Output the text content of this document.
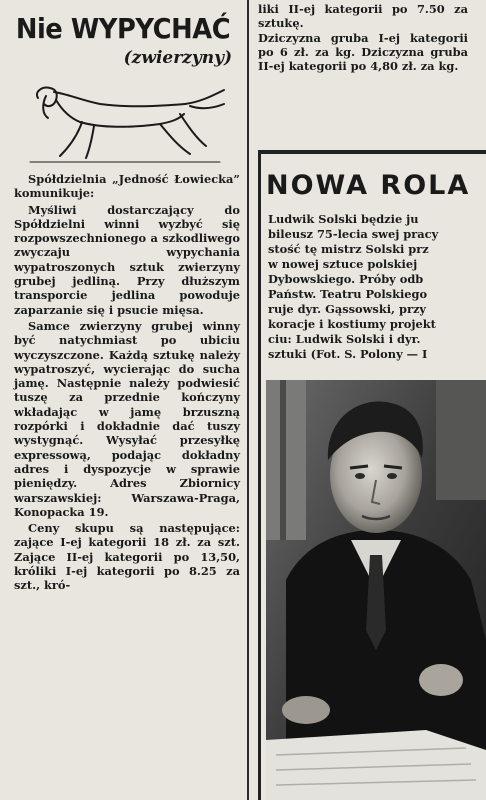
Nie WYPYCHAĆ
(zwierzyny)

Spółdzielnia „Jedność Łowiecka” komunikuje:

Myśliwi dostarczający do Spółdzielni winni wyzbyć się rozpowszechnionego a szkodliwego zwyczaju wypychania wypatroszonych sztuk zwierzyny grubej jedliną. Przy dłuższym transporcie jedlina powoduje zaparzanie się i psucie mięsa.

Samce zwierzyny grubej winny być natychmiast po ubiciu wyczyszczone. Każdą sztukę należy wypatroszyć, wycierając do sucha jamę. Następnie należy podwiesić tuszę za przednie kończyny wkładając w jamę brzuszną rozpórki i dokładnie dać tuszy wystygnąć. Wysyłać przesyłkę expressową, podając dokładny adres i dyspozycje w sprawie pieniędzy. Adres Zbiornicy warszawskiej: Warszawa-Praga, Konopacka 19.

Ceny skupu są następujące: zające I-ej kategorii 18 zł. za szt. Zające II-ej kategorii po 13,50, króliki I-ej kategorii po 8.25 za szt., kró-

liki II-ej kategorii po 7.50 za sztukę.
Dziczyzna gruba I-ej kategorii po 6 zł. za kg. Dziczyzna gruba II-ej kategorii po 4,80 zł. za kg.
NOWA ROLA
Ludwik Solski będzie ju
bileusz 75-lecia swej pracy
stość tę mistrz Solski prz
w nowej sztuce polskiej
Dybowskiego. Próby odb
Państw. Teatru Polskiego
ruje dyr. Gąssowski, przy
koracje i kostiumy projekt
ciu: Ludwik Solski i dyr.
sztuki (Fot. S. Polony — I
